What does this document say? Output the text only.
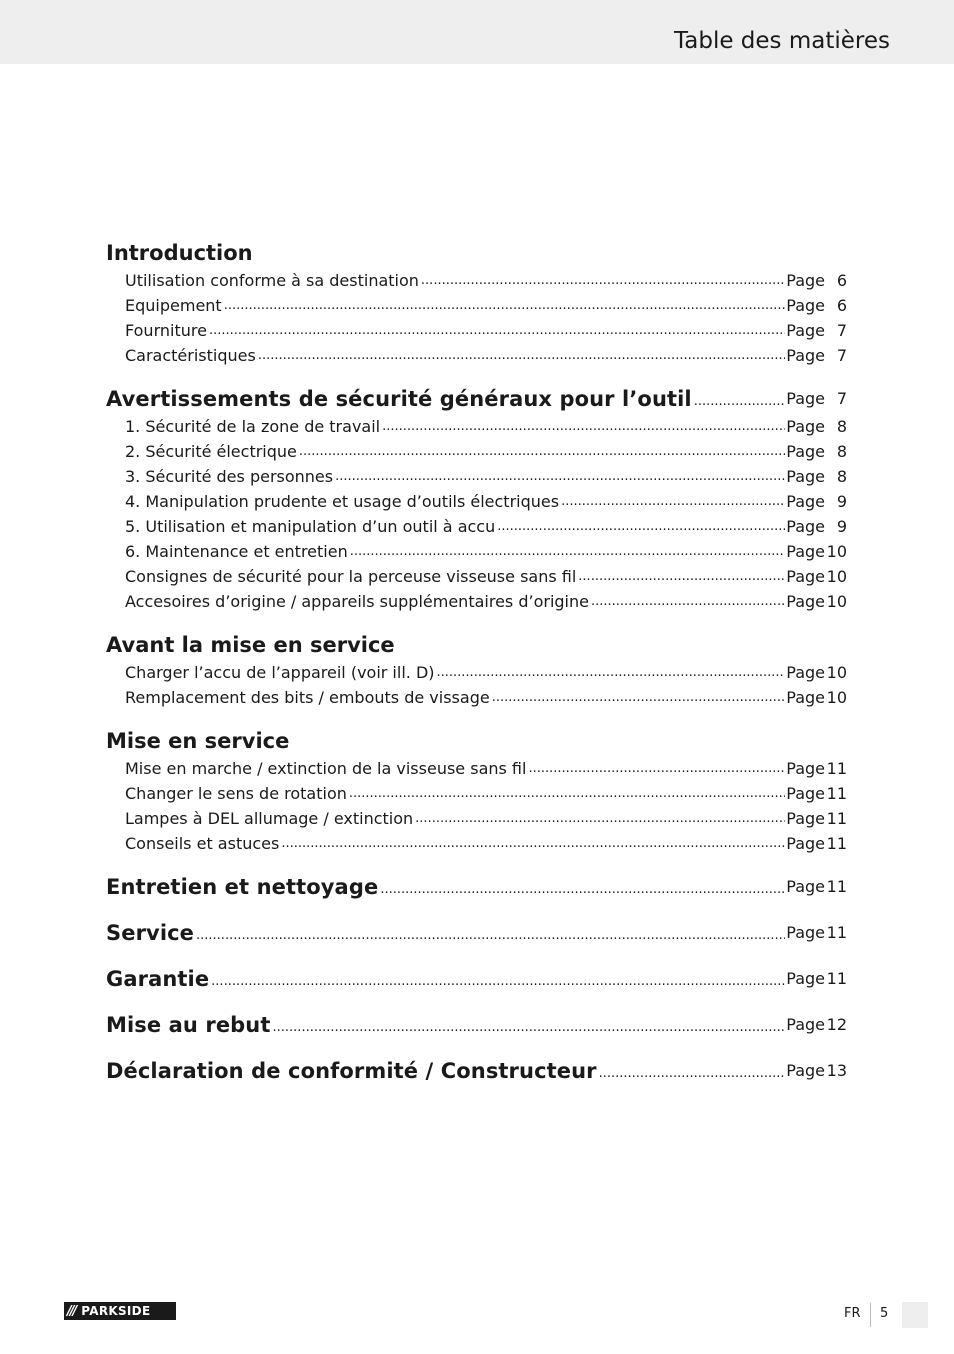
Table des matières
Introduction
Utilisation conforme à sa destination .....	Page 6
Equipement .....	Page 6
Fourniture .....	Page 7
Caractéristiques .....	Page 7
Avertissements de sécurité généraux pour l’outil .....	Page 7
1. Sécurité de la zone de travail .....	Page 8
2. Sécurité électrique .....	Page 8
3. Sécurité des personnes .....	Page 8
4. Manipulation prudente et usage d’outils électriques .....	Page 9
5. Utilisation et manipulation d’un outil à accu .....	Page 9
6. Maintenance et entretien .....	Page 10
Consignes de sécurité pour la perceuse visseuse sans fil .....	Page 10
Accesoires d’origine / appareils supplémentaires d’origine .....	Page 10
Avant la mise en service
Charger l’accu de l’appareil (voir ill. D) .....	Page 10
Remplacement des bits / embouts de vissage .....	Page 10
Mise en service
Mise en marche / extinction de la visseuse sans fil .....	Page 11
Changer le sens de rotation .....	Page 11
Lampes à DEL allumage / extinction .....	Page 11
Conseils et astuces .....	Page 11
Entretien et nettoyage .....	Page 11
Service .....	Page 11
Garantie .....	Page 11
Mise au rebut .....	Page 12
Déclaration de conformité / Constructeur .....	Page 13
/// PARKSIDE	FR 5
